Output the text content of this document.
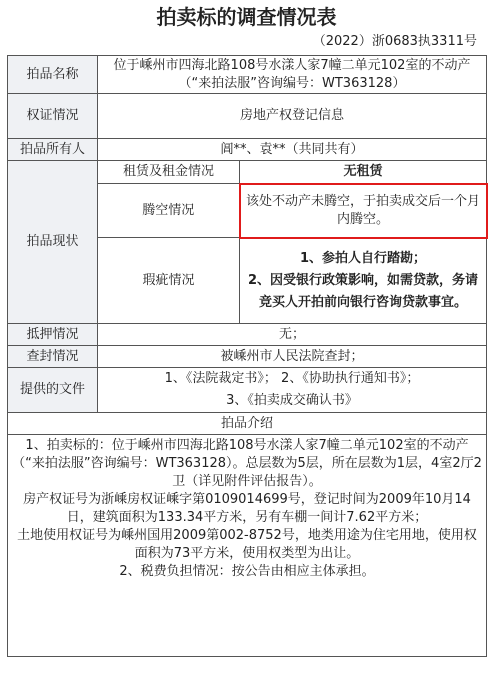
拍卖标的调查情况表
（2022）浙0683执3311号
拍品名称	位于嵊州市四海北路108号水漾人家7幢二单元102室的不动产（“来拍法服”咨询编号：WT363128）	
权证情况	房地产权登记信息	
拍品所有人	阊**、袁**（共同共有）	
拍品现状	租赁及租金情况	无租赁
	腾空情况	该处不动产未腾空，于拍卖成交后一个月内腾空。
	瑕疵情况	1、参拍人自行踏勘；
2、因受银行政策影响，如需贷款，务请竞买人开拍前向银行咨询贷款事宜。

抵押情况	无；	
查封情况	被嵊州市人民法院查封；	
提供的文件	1、《法院裁定书》； 2、《协助执行通知书》；
3、《拍卖成交确认书》	

拍品介绍		

1、拍卖标的：位于嵊州市四海北路108号水漾人家7幢二单元102室的不动产（“来拍法服”咨询编号：WT363128）。总层数为5层，所在层数为1层，4室2厅2卫（详见附件评估报告）。

房产权证号为浙嵊房权证嵊字第0109014699号，登记时间为2009年10月14日，建筑面积为133.34平方米，另有车棚一间计7.62平方米；

土地使用权证号为嵊州国用2009第002-8752号，地类用途为住宅用地，使用权面积为73平方米，使用权类型为出让。

2、税费负担情况：按公告由相应主体承担。		
